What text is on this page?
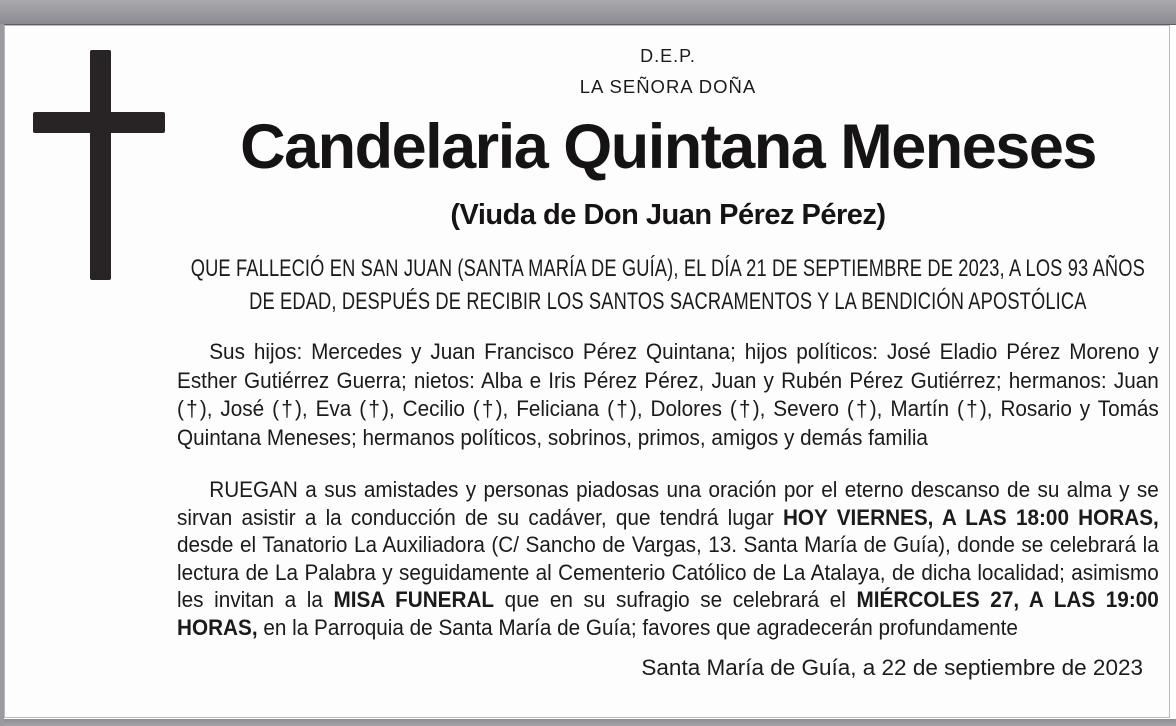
D.E.P.
LA SEÑORA DOÑA
Candelaria Quintana Meneses
(Viuda de Don Juan Pérez Pérez)
QUE FALLECIÓ EN SAN JUAN (SANTA MARÍA DE GUÍA), EL DÍA 21 DE SEPTIEMBRE DE 2023, A LOS 93 AÑOS DE EDAD, DESPUÉS DE RECIBIR LOS SANTOS SACRAMENTOS Y LA BENDICIÓN APOSTÓLICA
Sus hijos: Mercedes y Juan Francisco Pérez Quintana; hijos políticos: José Eladio Pérez Moreno y Esther Gutiérrez Guerra; nietos: Alba e Iris Pérez Pérez, Juan y Rubén Pérez Gutiérrez; hermanos: Juan (†), José (†), Eva (†), Cecilio (†), Feliciana (†), Dolores (†), Severo (†), Martín (†), Rosario y Tomás Quintana Meneses; hermanos políticos, sobrinos, primos, amigos y demás familia
RUEGAN a sus amistades y personas piadosas una oración por el eterno descanso de su alma y se sirvan asistir a la conducción de su cadáver, que tendrá lugar HOY VIERNES, A LAS 18:00 HORAS, desde el Tanatorio La Auxiliadora (C/ Sancho de Vargas, 13. Santa María de Guía), donde se celebrará la lectura de La Palabra y seguidamente al Cementerio Católico de La Atalaya, de dicha localidad; asimismo les invitan a la MISA FUNERAL que en su sufragio se celebrará el MIÉRCOLES 27, A LAS 19:00 HORAS, en la Parroquia de Santa María de Guía; favores que agradecerán profundamente
Santa María de Guía, a 22 de septiembre de 2023
